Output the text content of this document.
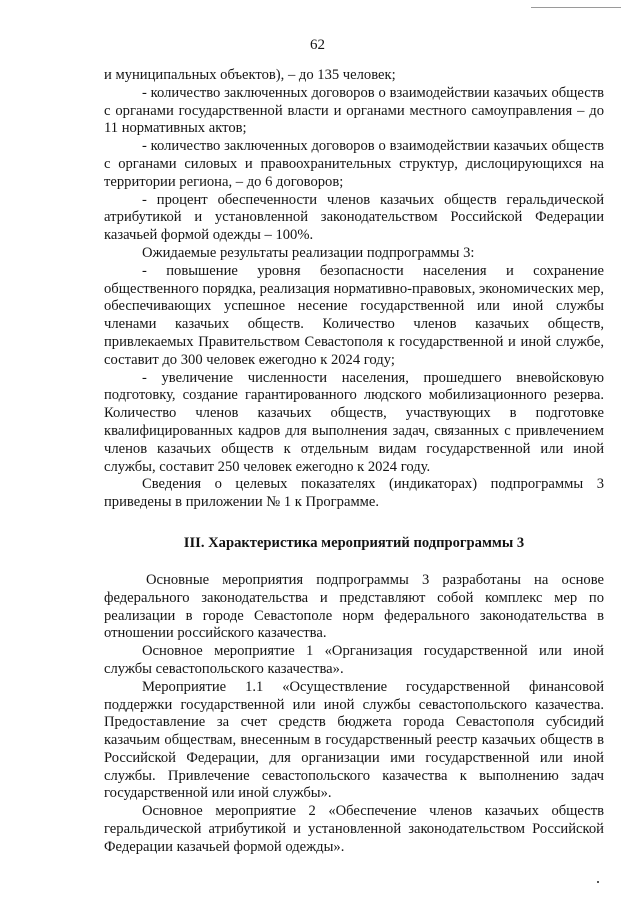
62

и муниципальных объектов), – до 135 человек;

- количество заключенных договоров о взаимодействии казачьих обществ с органами государственной власти и органами местного самоуправления – до 11 нормативных актов;

- количество заключенных договоров о взаимодействии казачьих обществ с органами силовых и правоохранительных структур, дислоцирующихся на территории региона, – до 6 договоров;

- процент обеспеченности членов казачьих обществ геральдической атрибутикой и установленной законодательством Российской Федерации казачьей формой одежды – 100%.

Ожидаемые результаты реализации подпрограммы 3:

- повышение уровня безопасности населения и сохранение общественного порядка, реализация нормативно-правовых, экономических мер, обеспечивающих успешное несение государственной или иной службы членами казачьих обществ. Количество членов казачьих обществ, привлекаемых Правительством Севастополя к государственной и иной службе, составит до 300 человек ежегодно к 2024 году;

- увеличение численности населения, прошедшего вневойсковую подготовку, создание гарантированного людского мобилизационного резерва. Количество членов казачьих обществ, участвующих в подготовке квалифицированных кадров для выполнения задач, связанных с привлечением членов казачьих обществ к отдельным видам государственной или иной службы, составит 250 человек ежегодно к 2024 году.

Сведения о целевых показателях (индикаторах) подпрограммы 3 приведены в приложении № 1 к Программе.

III. Характеристика мероприятий подпрограммы 3

Основные мероприятия подпрограммы 3 разработаны на основе федерального законодательства и представляют собой комплекс мер по реализации в городе Севастополе норм федерального законодательства в отношении российского казачества.

Основное мероприятие 1 «Организация государственной или иной службы севастопольского казачества».

Мероприятие 1.1 «Осуществление государственной финансовой поддержки государственной или иной службы севастопольского казачества. Предоставление за счет средств бюджета города Севастополя субсидий казачьим обществам, внесенным в государственный реестр казачьих обществ в Российской Федерации, для организации ими государственной или иной службы. Привлечение севастопольского казачества к выполнению задач государственной или иной службы».

Основное мероприятие 2 «Обеспечение членов казачьих обществ геральдической атрибутикой и установленной законодательством Российской Федерации казачьей формой одежды».
